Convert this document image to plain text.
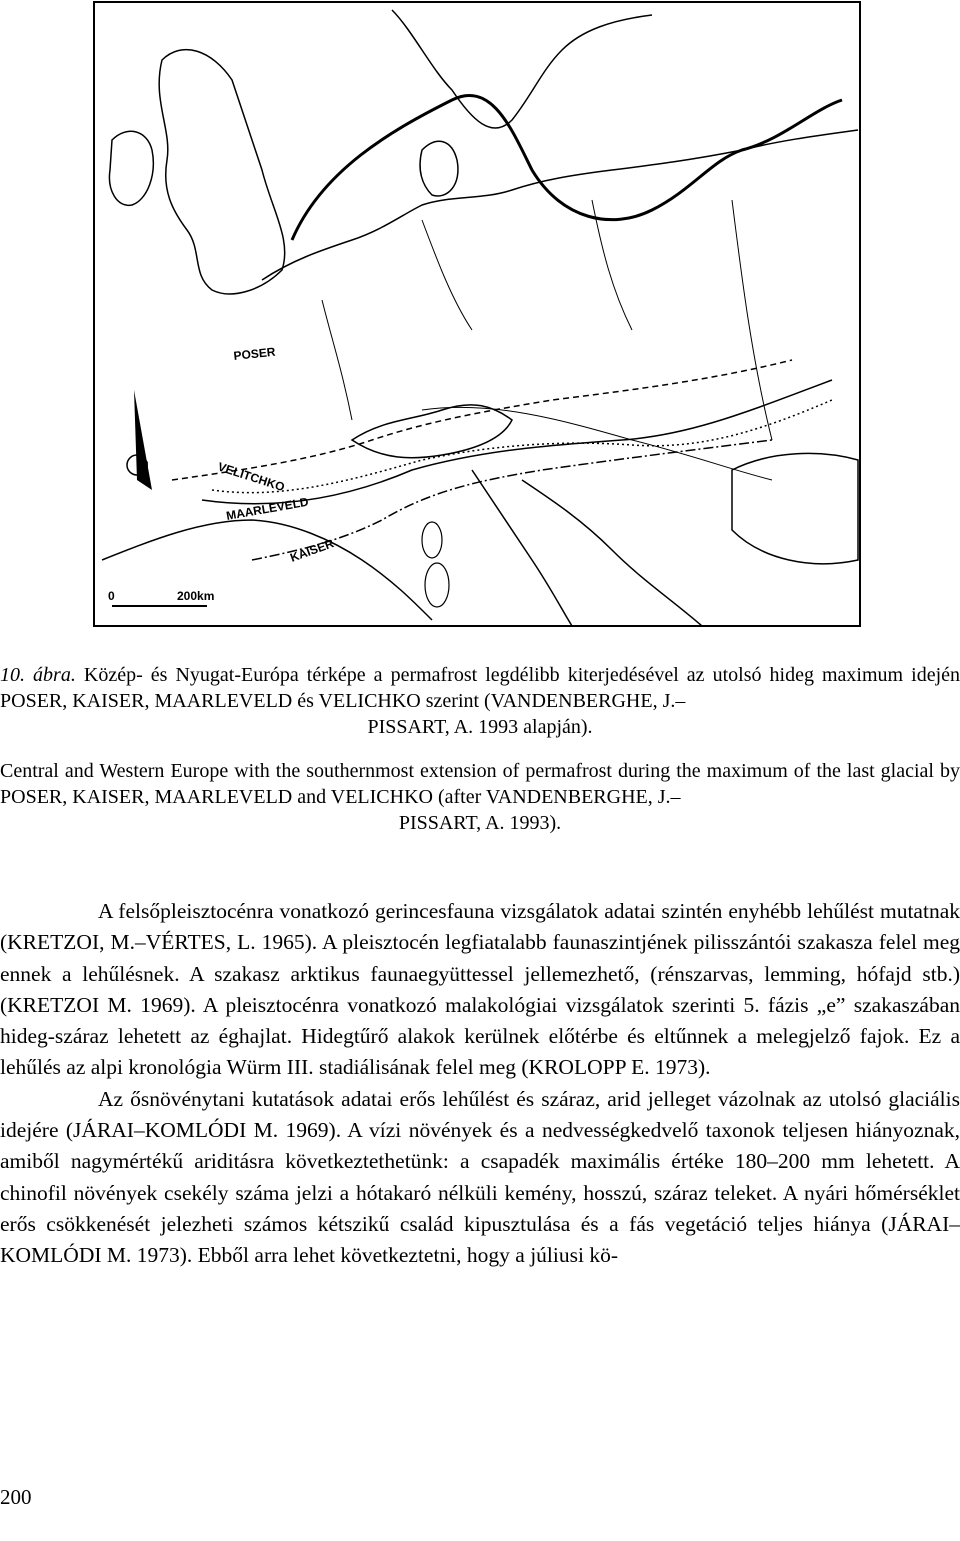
POSER
VELITCHKO
MAARLEVELD
KAISER
N
0	200km
10. ábra. Közép- és Nyugat-Európa térképe a permafrost legdélibb kiterjedésével az utolsó hideg maximum idején POSER, KAISER, MAARLEVELD és VELICHKO szerint (VANDENBERGHE, J.–
PISSART, A. 1993 alapján).
Central and Western Europe with the southernmost extension of permafrost during the maximum of the last glacial by POSER, KAISER, MAARLEVELD and VELICHKO (after VANDENBERGHE, J.–
PISSART, A. 1993).

A felsőpleisztocénra vonatkozó gerincesfauna vizsgálatok adatai szintén enyhébb lehűlést mutatnak (KRETZOI, M.–VÉRTES, L. 1965). A pleisztocén legfiatalabb faunaszintjének pilisszántói szakasza felel meg ennek a lehűlésnek. A szakasz arktikus faunaegyüttessel jellemezhető, (rénszarvas, lemming, hófajd stb.) (KRETZOI M. 1969). A pleisztocénra vonatkozó malakológiai vizsgálatok szerinti 5. fázis „e” szakaszában hideg-száraz lehetett az éghajlat. Hidegtűrő alakok kerülnek előtérbe és eltűnnek a melegjelző fajok. Ez a lehűlés az alpi kronológia Würm III. stadiálisának felel meg (KROLOPP E. 1973).

Az ősnövénytani kutatások adatai erős lehűlést és száraz, arid jelleget vázolnak az utolsó glaciális idejére (JÁRAI–KOMLÓDI M. 1969). A vízi növények és a nedvességkedvelő taxonok teljesen hiányoznak, amiből nagymértékű ariditásra következtethetünk: a csapadék maximális értéke 180–200 mm lehetett. A chinofil növények csekély száma jelzi a hótakaró nélküli kemény, hosszú, száraz teleket. A nyári hőmérséklet erős csökkenését jelezheti számos kétszikű család kipusztulása és a fás vegetáció teljes hiánya (JÁRAI–KOMLÓDI M. 1973). Ebből arra lehet következtetni, hogy a júliusi kö-

200
